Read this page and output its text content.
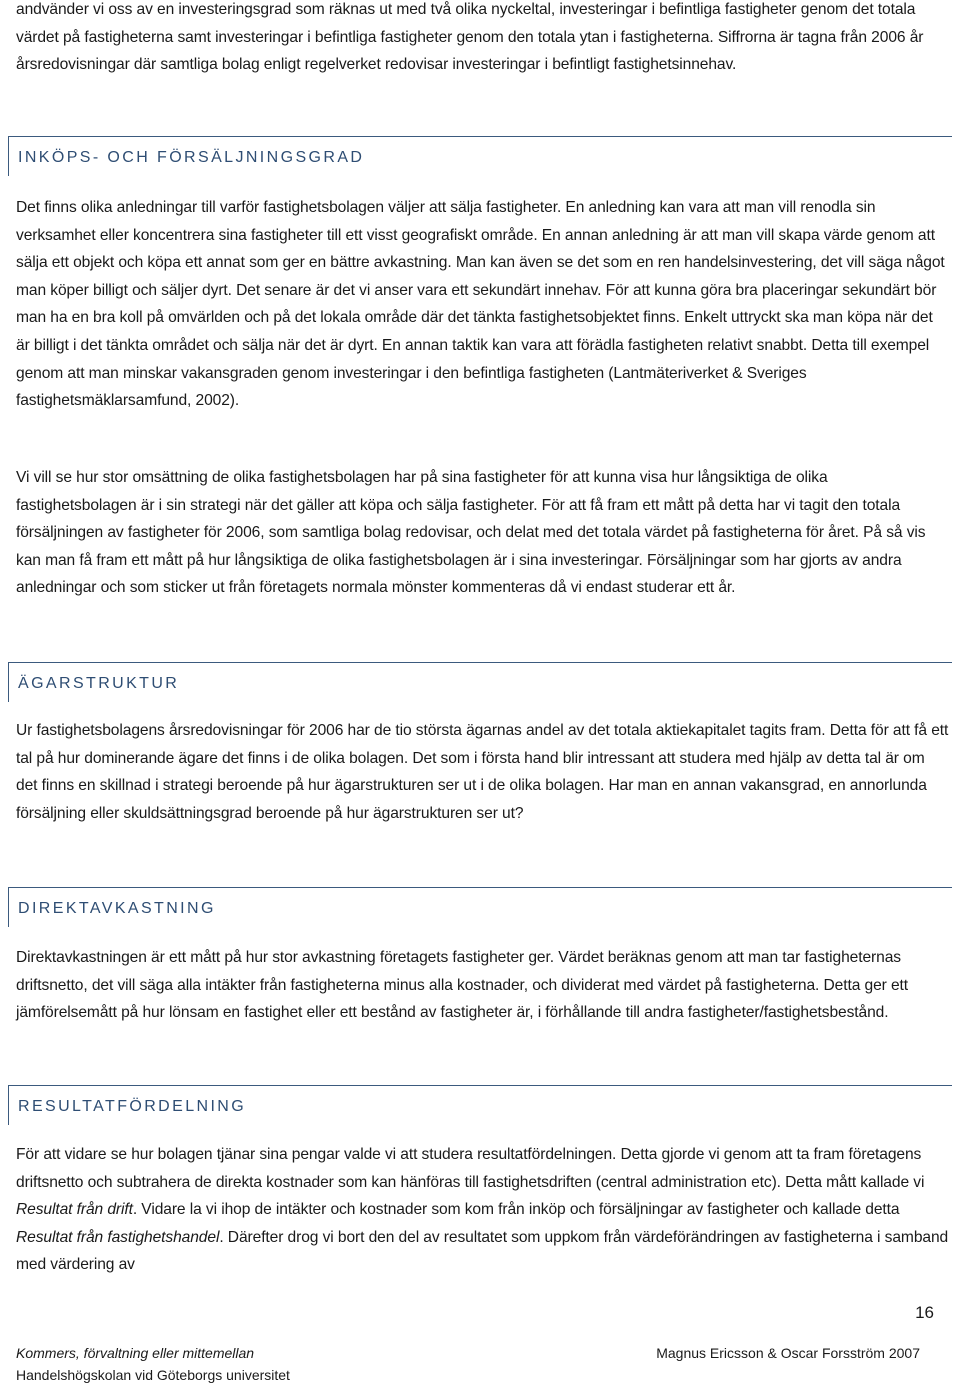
andvänder vi oss av en investeringsgrad som räknas ut med två olika nyckeltal, investeringar i befintliga fastigheter genom det totala värdet på fastigheterna samt investeringar i befintliga fastigheter genom den totala ytan i fastigheterna. Siffrorna är tagna från 2006 år årsredovisningar där samtliga bolag enligt regelverket redovisar investeringar i befintligt fastighetsinnehav.

INKÖPS- OCH FÖRSÄLJNINGSGRAD

Det finns olika anledningar till varför fastighetsbolagen väljer att sälja fastigheter. En anledning kan vara att man vill renodla sin verksamhet eller koncentrera sina fastigheter till ett visst geografiskt område. En annan anledning är att man vill skapa värde genom att sälja ett objekt och köpa ett annat som ger en bättre avkastning. Man kan även se det som en ren handelsinvestering, det vill säga något man köper billigt och säljer dyrt. Det senare är det vi anser vara ett sekundärt innehav. För att kunna göra bra placeringar sekundärt bör man ha en bra koll på omvärlden och på det lokala område där det tänkta fastighetsobjektet finns. Enkelt uttryckt ska man köpa när det är billigt i det tänkta området och sälja när det är dyrt. En annan taktik kan vara att förädla fastigheten relativt snabbt. Detta till exempel genom att man minskar vakansgraden genom investeringar i den befintliga fastigheten (Lantmäteriverket & Sveriges fastighetsmäklarsamfund, 2002).

Vi vill se hur stor omsättning de olika fastighetsbolagen har på sina fastigheter för att kunna visa hur långsiktiga de olika fastighetsbolagen är i sin strategi när det gäller att köpa och sälja fastigheter. För att få fram ett mått på detta har vi tagit den totala försäljningen av fastigheter för 2006, som samtliga bolag redovisar, och delat med det totala värdet på fastigheterna för året. På så vis kan man få fram ett mått på hur långsiktiga de olika fastighetsbolagen är i sina investeringar. Försäljningar som har gjorts av andra anledningar och som sticker ut från företagets normala mönster kommenteras då vi endast studerar ett år.

ÄGARSTRUKTUR

Ur fastighetsbolagens årsredovisningar för 2006 har de tio största ägarnas andel av det totala aktiekapitalet tagits fram. Detta för att få ett tal på hur dominerande ägare det finns i de olika bolagen. Det som i första hand blir intressant att studera med hjälp av detta tal är om det finns en skillnad i strategi beroende på hur ägarstrukturen ser ut i de olika bolagen. Har man en annan vakansgrad, en annorlunda försäljning eller skuldsättningsgrad beroende på hur ägarstrukturen ser ut?

DIREKTAVKASTNING

Direktavkastningen är ett mått på hur stor avkastning företagets fastigheter ger. Värdet beräknas genom att man tar fastigheternas driftsnetto, det vill säga alla intäkter från fastigheterna minus alla kostnader, och dividerat med värdet på fastigheterna. Detta ger ett jämförelsemått på hur lönsam en fastighet eller ett bestånd av fastigheter är, i förhållande till andra fastigheter/fastighetsbestånd.

RESULTATFÖRDELNING

För att vidare se hur bolagen tjänar sina pengar valde vi att studera resultatfördelningen. Detta gjorde vi genom att ta fram företagens driftsnetto och subtrahera de direkta kostnader som kan hänföras till fastighetsdriften (central administration etc). Detta mått kallade vi Resultat från drift. Vidare la vi ihop de intäkter och kostnader som kom från inköp och försäljningar av fastigheter och kallade detta Resultat från fastighetshandel. Därefter drog vi bort den del av resultatet som uppkom från värdeförändringen av fastigheterna i samband med värdering av

16

Kommers, förvaltning eller mittemellan	Magnus Ericsson & Oscar Forsström 2007

Handelshögskolan vid Göteborgs universitet
